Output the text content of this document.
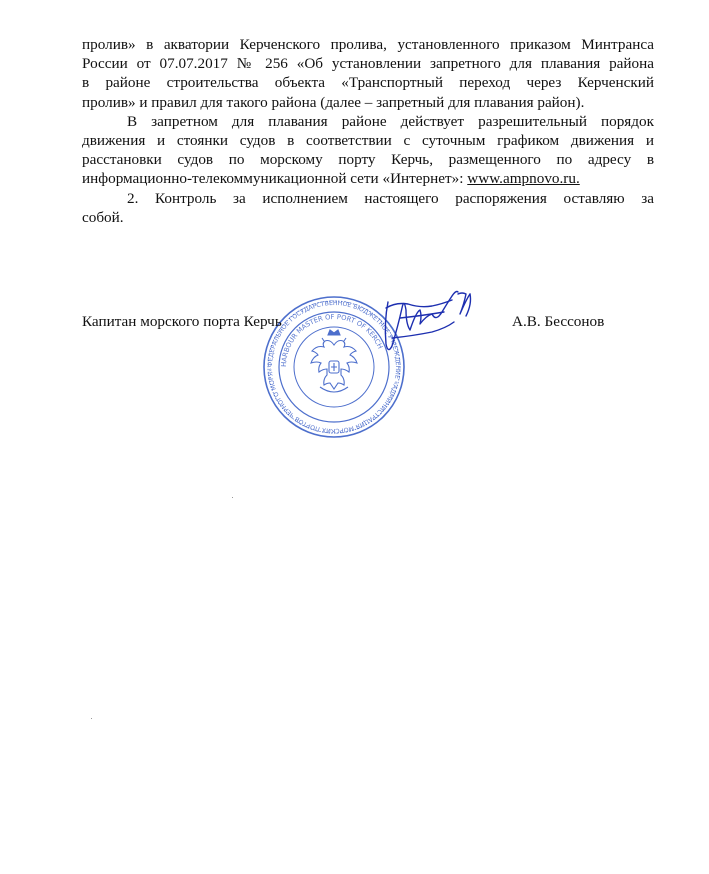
пролив» в акватории Керченского пролива, установленного приказом Минтранса
России от 07.07.2017 № 256 «Об установлении запретного для плавания района
в районе строительства объекта «Транспортный переход через Керченский
пролив» и правил для такого района (далее – запретный для плавания район).

В запретном для плавания районе действует разрешительный порядок
движения и стоянки судов в соответствии с суточным графиком движения и
расстановки судов по морскому порту Керчь, размещенного по адресу в
информационно-телекоммуникационной сети «Интернет»: www.ampnovo.ru.

2. Контроль за исполнением настоящего распоряжения оставляю за
собой.

ФЕДЕРАЛЬНОЕ ГОСУДАРСТВЕННОЕ БЮДЖЕТНОЕ УЧРЕЖДЕНИЕ «АДМИНИСТРАЦИЯ МОРСКИХ ПОРТОВ ЧЕРНОГО МОРЯ»
HARBOUR MASTER OF PORT OF KERCH
Капитан морского порта Керчь	А.В. Бессонов
